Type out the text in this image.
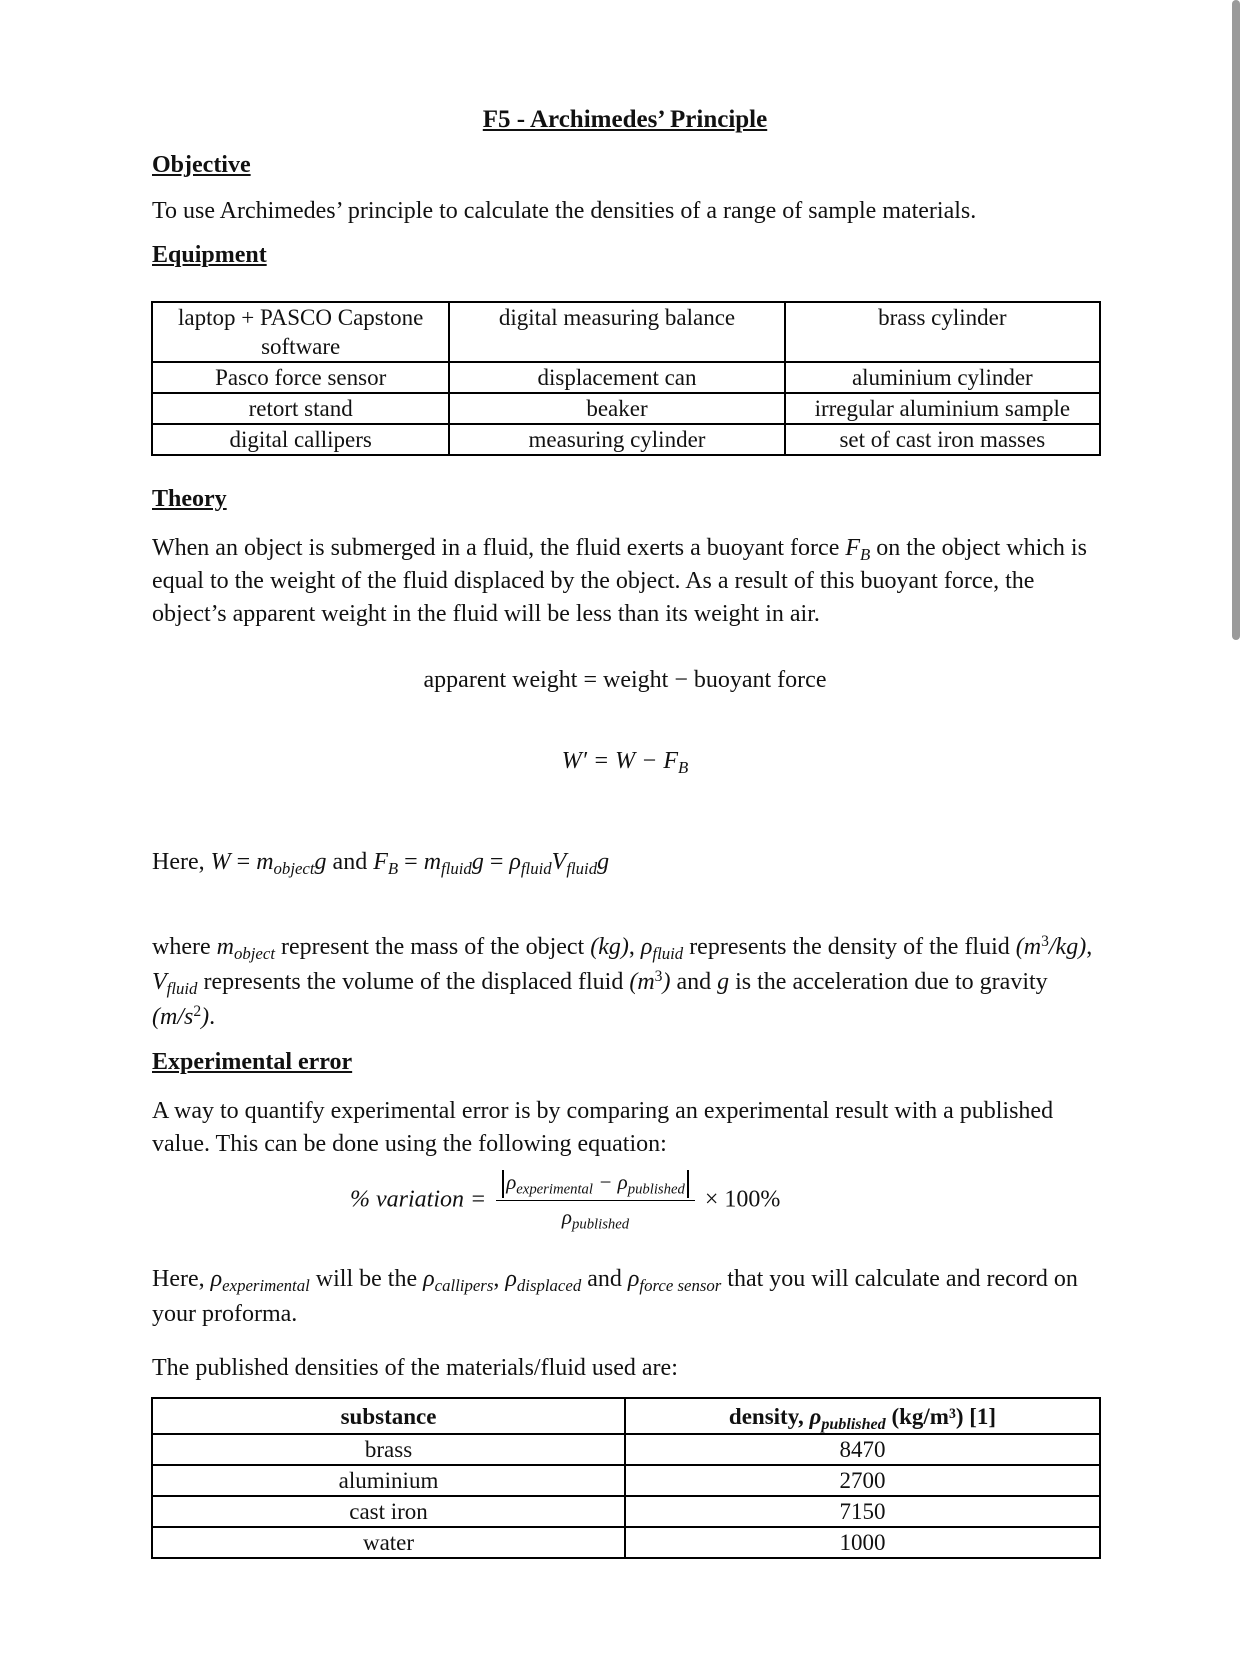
F5 - Archimedes’ Principle
Objective
To use Archimedes’ principle to calculate the densities of a range of sample materials.
Equipment
laptop + PASCO Capstone software	digital measuring balance	brass cylinder
Pasco force sensor	displacement can	aluminium cylinder
retort stand	beaker	irregular aluminium sample
digital callipers	measuring cylinder	set of cast iron masses
Theory
When an object is submerged in a fluid, the fluid exerts a buoyant force $F_B$ on the object which is equal to the weight of the fluid displaced by the object. As a result of this buoyant force, the object’s apparent weight in the fluid will be less than its weight in air.
apparent weight = weight − buoyant force
$W' = W - F_B$
Here, $W = m_{object}g$ and $F_B = m_{fluid}g = \rho_{fluid}V_{fluid}g$
where $m_{object}$ represent the mass of the object (kg), $\rho_{fluid}$ represents the density of the fluid $(m^3/kg)$, $V_{fluid}$ represents the volume of the displaced fluid $(m^3)$ and g is the acceleration due to gravity $(m/s^2)$.
Experimental error
A way to quantify experimental error is by comparing an experimental result with a published value. This can be done using the following equation:
% variation = $\frac{\rho_{experimental} - \rho_{published}}{\rho_{published}} \times 100\%$
Here, $\rho_{experimental}$ will be the $\rho_{callipers}$, $\rho_{displaced}$ and $\rho_{force sensor}$ that you will calculate and record on your proforma.
The published densities of the materials/fluid used are:
substance	density, $\rho_{published}$ (kg/m³) [1]
brass	8470
aluminium	2700
cast iron	7150
water	1000
